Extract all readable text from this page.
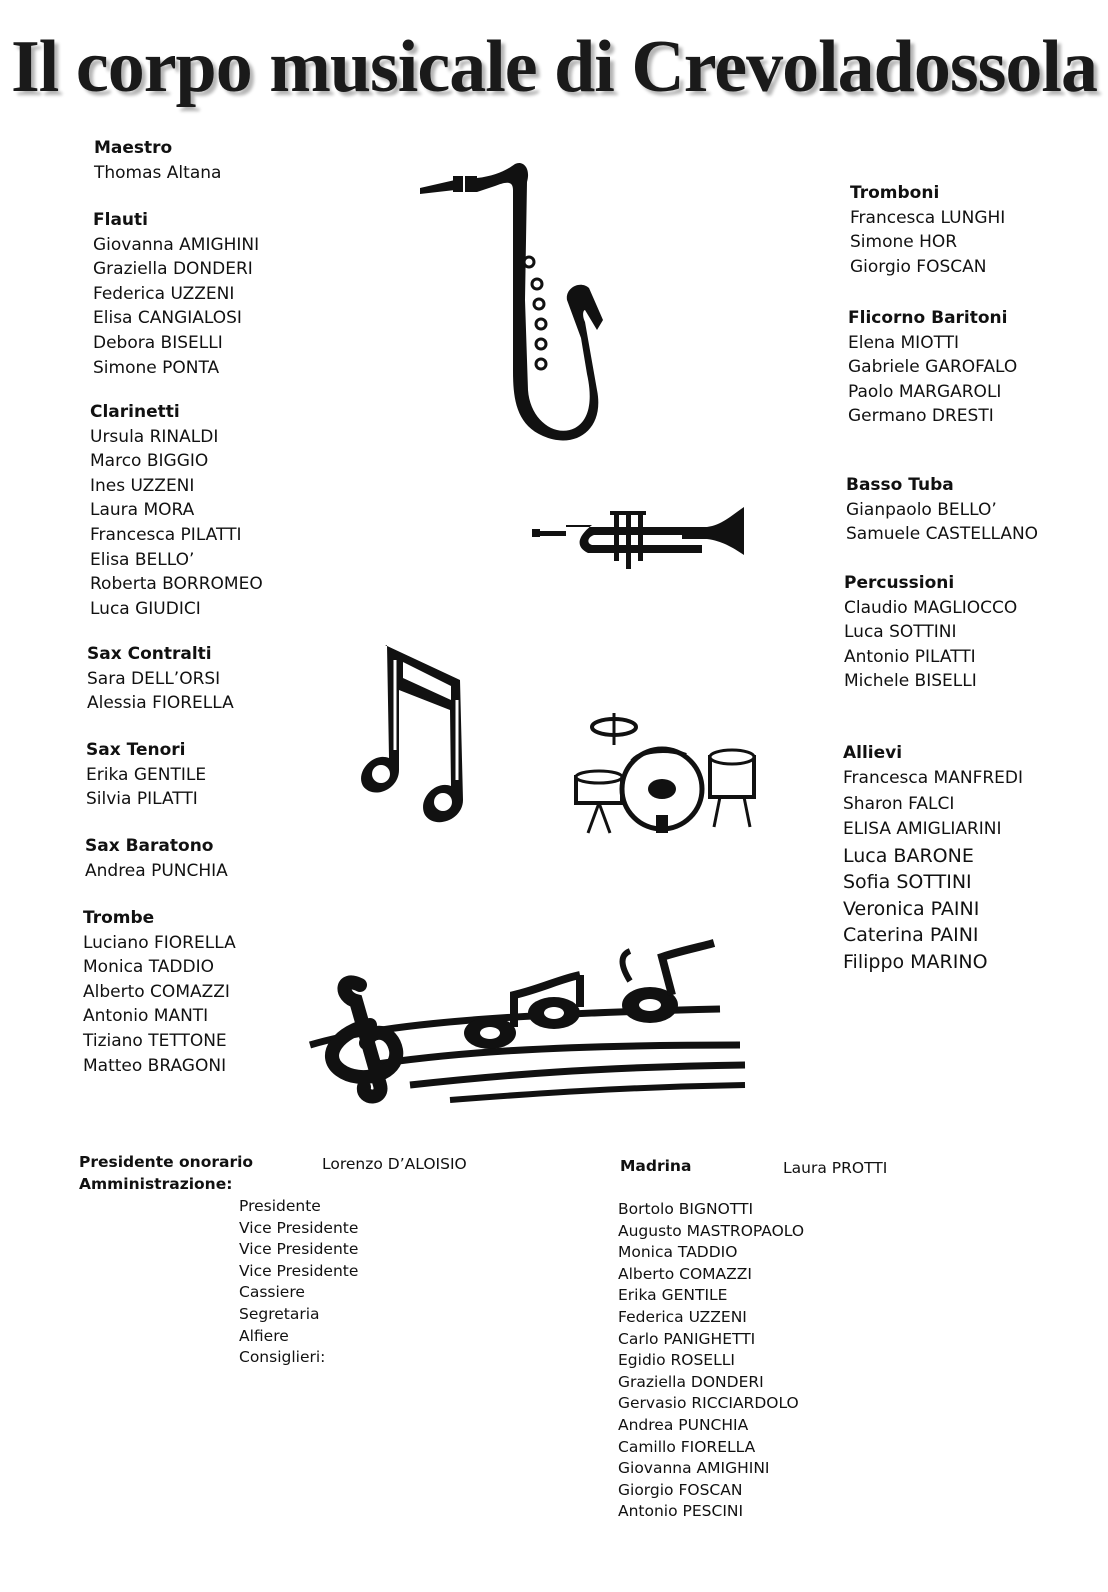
Il corpo musicale di Crevoladossola
Maestro
Thomas Altana
Flauti
Giovanna AMIGHINI
Graziella DONDERI
Federica UZZENI
Elisa CANGIALOSI
Debora BISELLI
Simone PONTA
Clarinetti
Ursula RINALDI
Marco BIGGIO
Ines UZZENI
Laura MORA
Francesca PILATTI
Elisa BELLO’
Roberta BORROMEO
Luca GIUDICI
Sax Contralti
Sara DELL’ORSI
Alessia FIORELLA
Sax Tenori
Erika GENTILE
Silvia PILATTI
Sax Baratono
Andrea PUNCHIA
Trombe
Luciano FIORELLA
Monica TADDIO
Alberto COMAZZI
Antonio MANTI
Tiziano TETTONE
Matteo BRAGONI
Tromboni
Francesca LUNGHI
Simone HOR
Giorgio FOSCAN
Flicorno Baritoni
Elena MIOTTI
Gabriele GAROFALO
Paolo MARGAROLI
Germano DRESTI
Basso Tuba
Gianpaolo BELLO’
Samuele CASTELLANO
Percussioni
Claudio MAGLIOCCO
Luca SOTTINI
Antonio PILATTI
Michele BISELLI
Allievi
Francesca MANFREDI
Sharon FALCI
ELISA AMIGLIARINI
Luca BARONE
Sofia SOTTINI
Veronica PAINI
Caterina PAINI
Filippo MARINO
Presidente onorario
Amministrazione:
Lorenzo D’ALOISIO	Madrina	Laura PROTTI
Presidente
Vice Presidente
Vice Presidente
Vice Presidente
Cassiere
Segretaria
Alfiere
Consiglieri:
Bortolo BIGNOTTI
Augusto MASTROPAOLO
Monica TADDIO
Alberto COMAZZI
Erika GENTILE
Federica UZZENI
Carlo PANIGHETTI
Egidio ROSELLI
Graziella DONDERI
Gervasio RICCIARDOLO
Andrea PUNCHIA
Camillo FIORELLA
Giovanna AMIGHINI
Giorgio FOSCAN
Antonio PESCINI
